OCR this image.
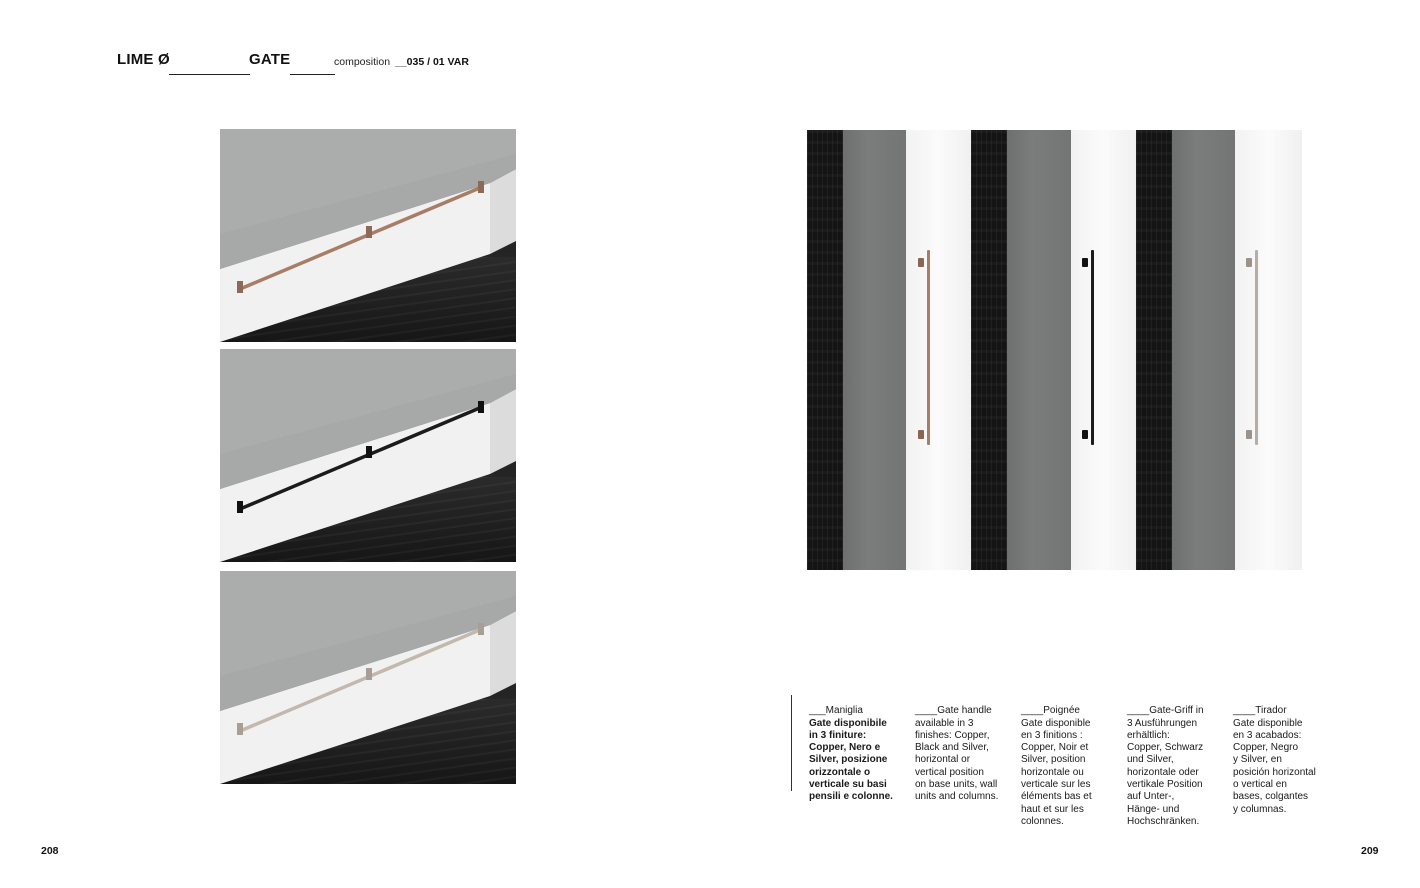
LIME Ø	GATE	composition __035 / 01 VAR

___Maniglia
Gate disponibile
in 3 finiture:
Copper, Nero e
Silver, posizione
orizzontale o
verticale su basi
pensili e colonne.

____Gate handle
available in 3
finishes: Copper,
Black and Silver,
horizontal or
vertical position
on base units, wall
units and columns.

____Poignée
Gate disponible
en 3 finitions :
Copper, Noir et
Silver, position
horizontale ou
verticale sur les
éléments bas et
haut et sur les
colonnes.

____Gate-Griff in
3 Ausführungen
erhältlich:
Copper, Schwarz
und Silver,
horizontale oder
vertikale Position
auf Unter-,
Hänge- und
Hochschränken.

____Tirador
Gate disponible
en 3 acabados:
Copper, Negro
y Silver, en
posición horizontal
o vertical en
bases, colgantes
y columnas.

208	209
